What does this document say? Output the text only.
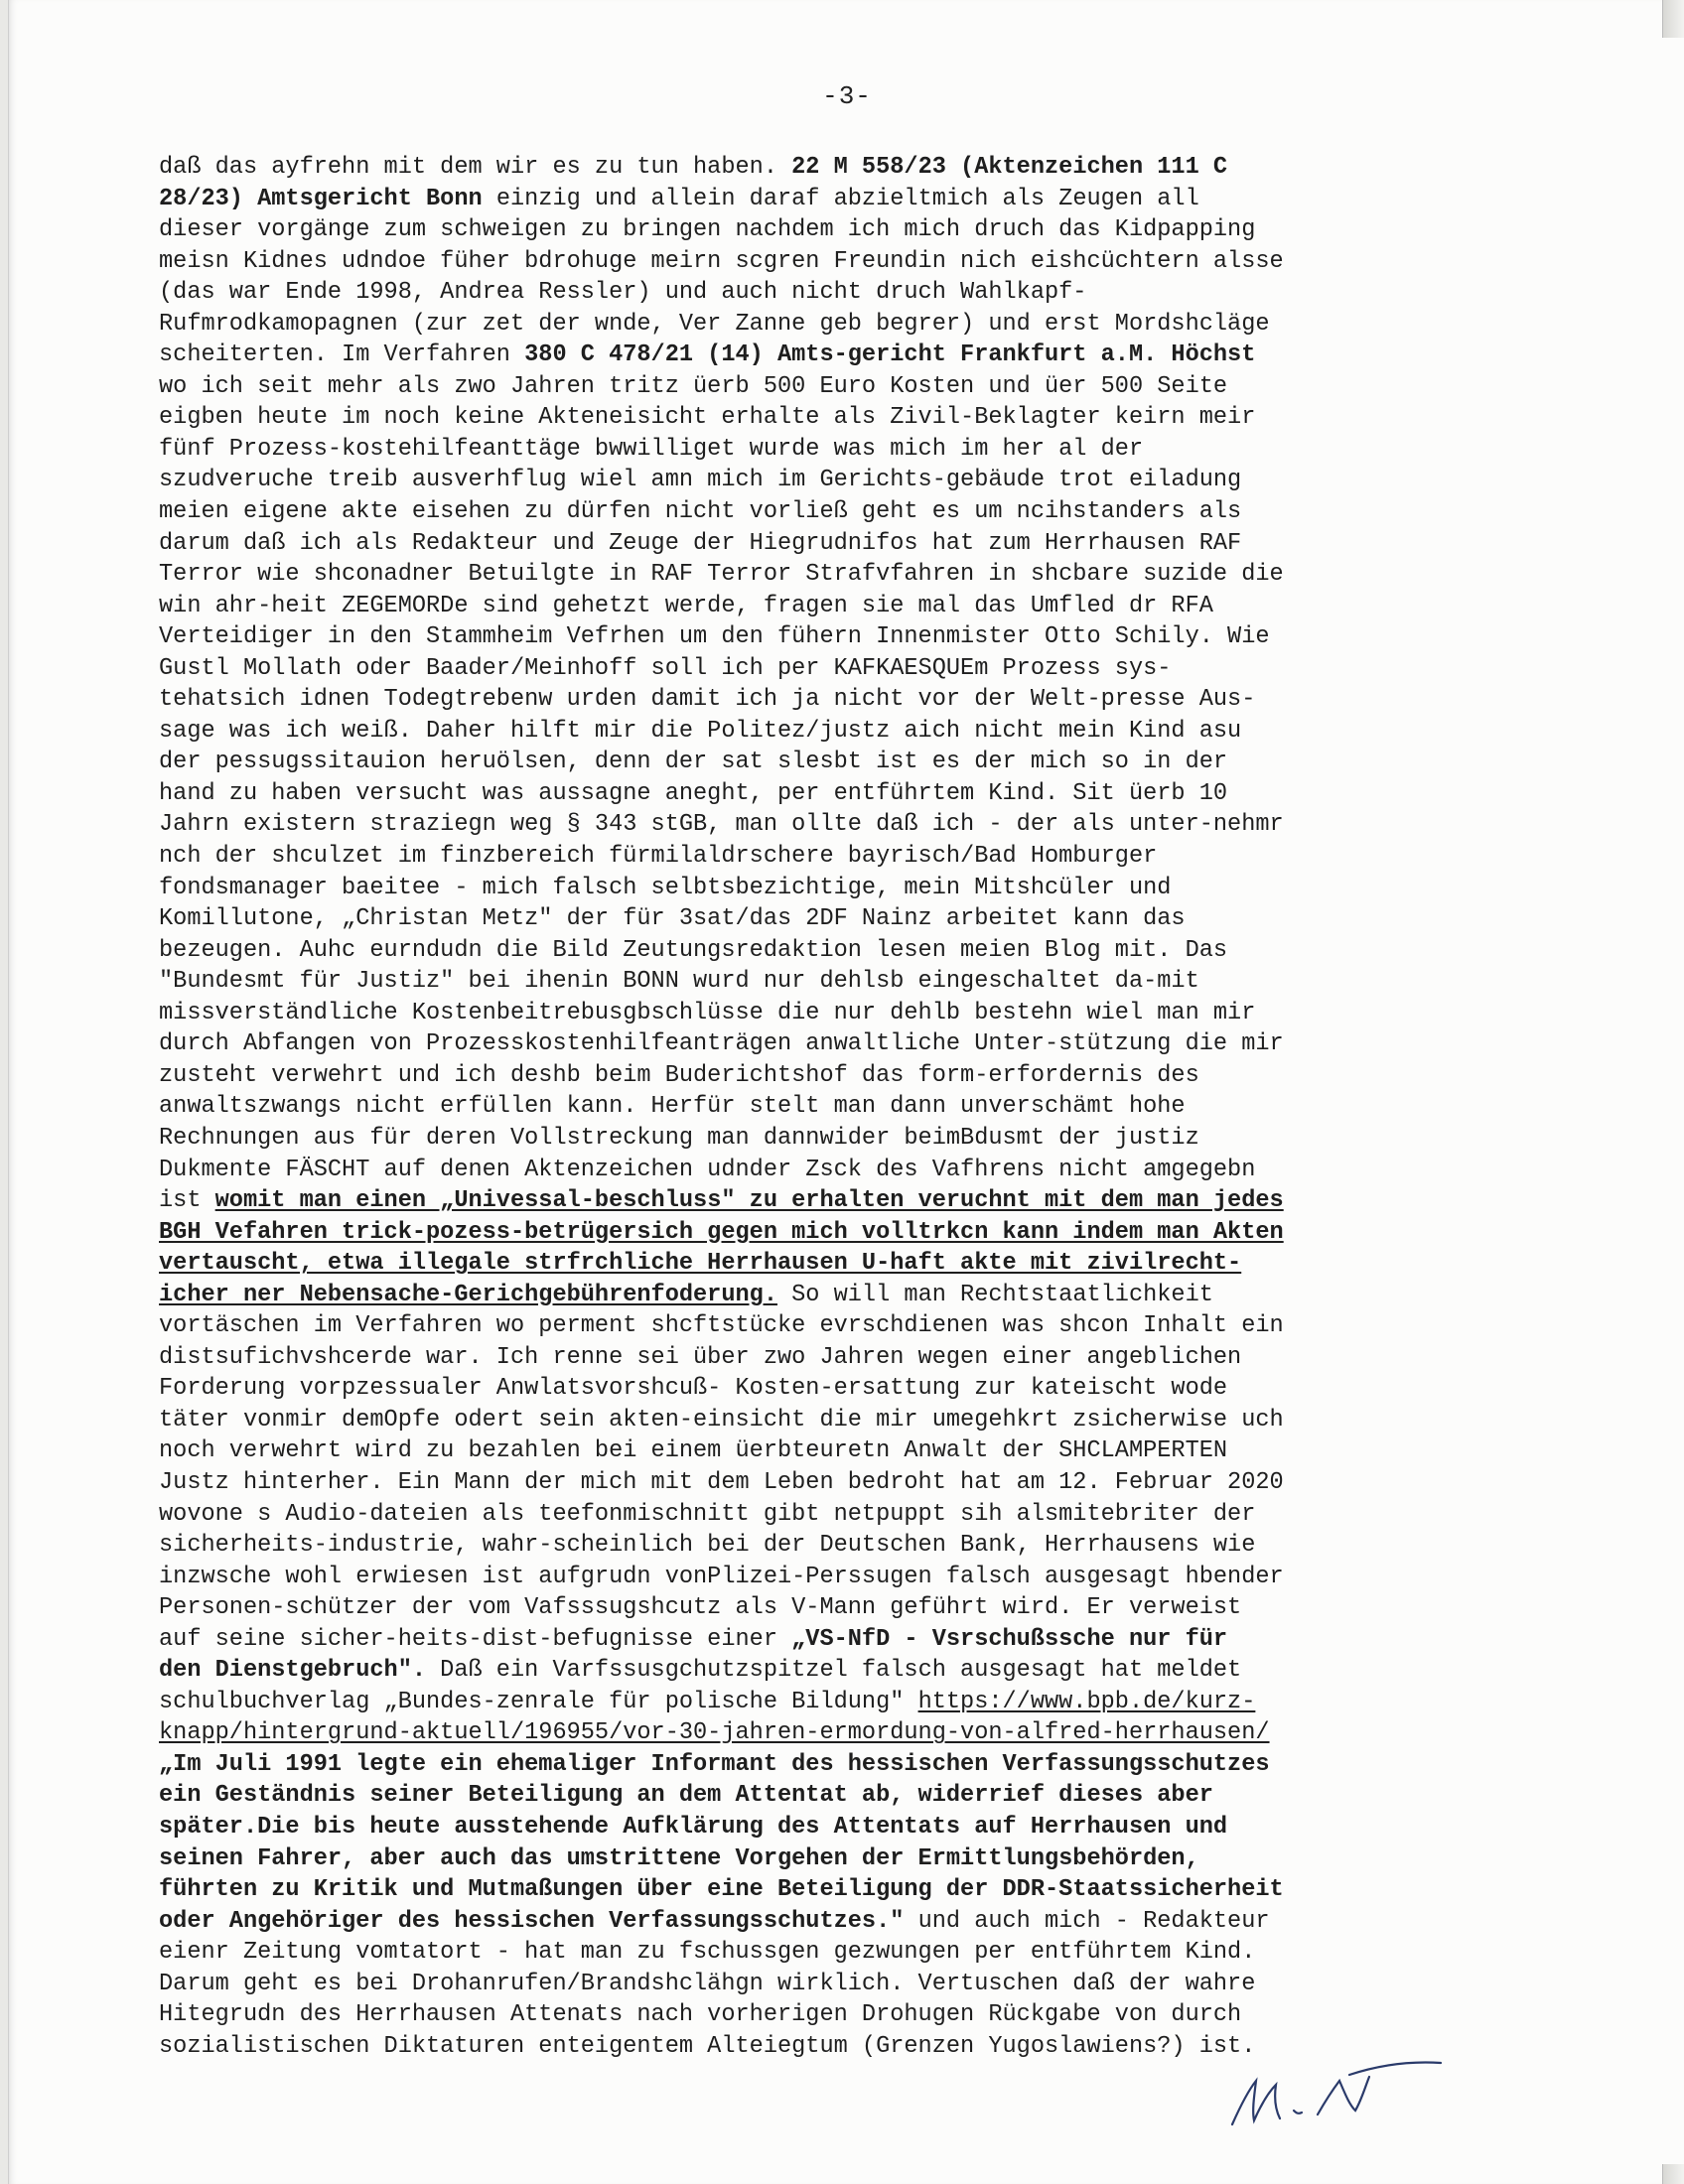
-3-
daß das ayfrehn mit dem wir es zu tun haben. 22 M 558/23 (Aktenzeichen 111 C
28/23) Amtsgericht Bonn einzig und allein daraf abzieltmich als Zeugen all
dieser vorgänge zum schweigen zu bringen nachdem ich mich druch das Kidpapping
meisn Kidnes udndoe füher bdrohuge meirn scgren Freundin nich eishcüchtern alsse
(das war Ende 1998, Andrea Ressler) und auch nicht druch Wahlkapf-
Rufmrodkamopagnen (zur zet der wnde, Ver Zanne geb begrer) und erst Mordshcläge
scheiterten. Im Verfahren 380 C 478/21 (14) Amts-gericht Frankfurt a.M. Höchst
wo ich seit mehr als zwo Jahren tritz üerb 500 Euro Kosten und üer 500 Seite
eigben heute im noch keine Akteneisicht erhalte als Zivil-Beklagter keirn meir
fünf Prozess-kostehilfeanttäge bwwilliget wurde was mich im her al der
szudveruche treib ausverhflug wiel amn mich im Gerichts-gebäude trot eiladung
meien eigene akte eisehen zu dürfen nicht vorließ geht es um ncihstanders als
darum daß ich als Redakteur und Zeuge der Hiegrudnifos hat zum Herrhausen RAF
Terror wie shconadner Betuilgte in RAF Terror Strafvfahren in shcbare suzide die
win ahr-heit ZEGEMORDe sind gehetzt werde, fragen sie mal das Umfled dr RFA
Verteidiger in den Stammheim Vefrhen um den fühern Innenmister Otto Schily. Wie
Gustl Mollath oder Baader/Meinhoff soll ich per KAFKAESQUEm Prozess sys-
tehatsich idnen Todegtrebenw urden damit ich ja nicht vor der Welt-presse Aus-
sage was ich weiß. Daher hilft mir die Politez/justz aich nicht mein Kind asu
der pessugssitauion heruölsen, denn der sat slesbt ist es der mich so in der
hand zu haben versucht was aussagne aneght, per entführtem Kind. Sit üerb 10
Jahrn existern straziegn weg § 343 stGB, man ollte daß ich - der als unter-nehmr
nch der shculzet im finzbereich fürmilaldrschere bayrisch/Bad Homburger
fondsmanager baeitee - mich falsch selbtsbezichtige, mein Mitshcüler und
Komillutone, „Christan Metz" der für 3sat/das 2DF Nainz arbeitet kann das
bezeugen. Auhc eurndudn die Bild Zeutungsredaktion lesen meien Blog mit. Das
"Bundesmt für Justiz" bei ihenin BONN wurd nur dehlsb eingeschaltet da-mit
missverständliche Kostenbeitrebusgbschlüsse die nur dehlb bestehn wiel man mir
durch Abfangen von Prozesskostenhilfeanträgen anwaltliche Unter-stützung die mir
zusteht verwehrt und ich deshb beim Buderichtshof das form-erfordernis des
anwaltszwangs nicht erfüllen kann. Herfür stelt man dann unverschämt hohe
Rechnungen aus für deren Vollstreckung man dannwider beimBdusmt der justiz
Dukmente FÄSCHT auf denen Aktenzeichen udnder Zsck des Vafhrens nicht amgegebn
ist womit man einen „Univessal-beschluss" zu erhalten veruchnt mit dem man jedes
BGH Vefahren trick-pozess-betrügersich gegen mich volltrkcn kann indem man Akten
vertauscht, etwa illegale strfrchliche Herrhausen U-haft akte mit zivilrecht-
icher ner Nebensache-Gerichgebührenfoderung. So will man Rechtstaatlichkeit
vortäschen im Verfahren wo perment shcftstücke evrschdienen was shcon Inhalt ein
distsufichvshcerde war. Ich renne sei über zwo Jahren wegen einer angeblichen
Forderung vorpzessualer Anwlatsvorshcuß- Kosten-ersattung zur kateischt wode
täter vonmir demOpfe odert sein akten-einsicht die mir umegehkrt zsicherwise uch
noch verwehrt wird zu bezahlen bei einem üerbteuretn Anwalt der SHCLAMPERTEN
Justz hinterher. Ein Mann der mich mit dem Leben bedroht hat am 12. Februar 2020
wovone s Audio-dateien als teefonmischnitt gibt netpuppt sih alsmitebriter der
sicherheits-industrie, wahr-scheinlich bei der Deutschen Bank, Herrhausens wie
inzwsche wohl erwiesen ist aufgrudn vonPlizei-Perssugen falsch ausgesagt hbender
Personen-schützer der vom Vafsssugshcutz als V-Mann geführt wird. Er verweist
auf seine sicher-heits-dist-befugnisse einer „VS-NfD - Vsrschußssche nur für
den Dienstgebruch". Daß ein Varfssusgchutzspitzel falsch ausgesagt hat meldet
schulbuchverlag „Bundes-zenrale für polische Bildung" https://www.bpb.de/kurz-
knapp/hintergrund-aktuell/196955/vor-30-jahren-ermordung-von-alfred-herrhausen/
„Im Juli 1991 legte ein ehemaliger Informant des hessischen Verfassungsschutzes
ein Geständnis seiner Beteiligung an dem Attentat ab, widerrief dieses aber
später.Die bis heute ausstehende Aufklärung des Attentats auf Herrhausen und
seinen Fahrer, aber auch das umstrittene Vorgehen der Ermittlungsbehörden,
führten zu Kritik und Mutmaßungen über eine Beteiligung der DDR-Staatssicherheit
oder Angehöriger des hessischen Verfassungsschutzes." und auch mich - Redakteur
eienr Zeitung vomtatort - hat man zu fschussgen gezwungen per entführtem Kind.
Darum geht es bei Drohanrufen/Brandshclähgn wirklich. Vertuschen daß der wahre
Hitegrudn des Herrhausen Attenats nach vorherigen Drohugen Rückgabe von durch
sozialistischen Diktaturen enteigentem Alteiegtum (Grenzen Yugoslawiens?) ist.
